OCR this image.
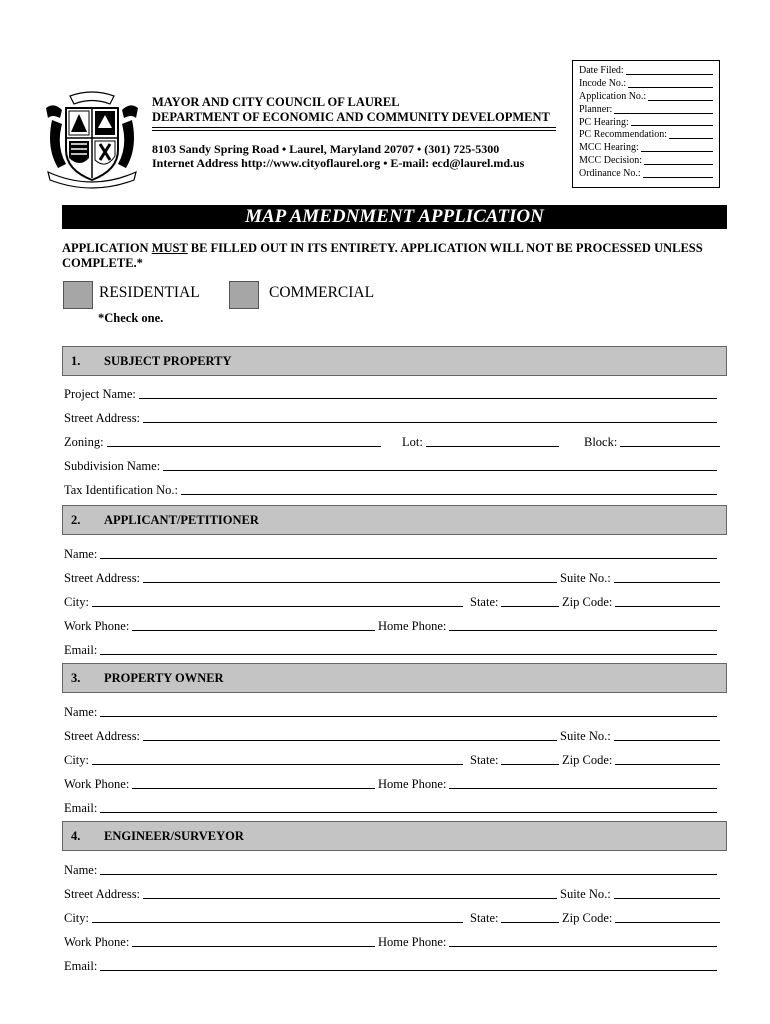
MAYOR AND CITY COUNCIL OF LAUREL
DEPARTMENT OF ECONOMIC AND COMMUNITY DEVELOPMENT
8103 Sandy Spring Road • Laurel, Maryland 20707 • (301) 725-5300
Internet Address http://www.cityoflaurel.org • E-mail: ecd@laurel.md.us
Date Filed:
Incode No.:
Application No.:
Planner:
PC Hearing:
PC Recommendation:
MCC Hearing:
MCC Decision:
Ordinance No.:
MAP AMEDNMENT APPLICATION
APPLICATION MUST BE FILLED OUT IN ITS ENTIRETY. APPLICATION WILL NOT BE PROCESSED UNLESS COMPLETE.*
RESIDENTIAL	COMMERCIAL
*Check one.
1. SUBJECT PROPERTY
Project Name:
Street Address:
Zoning:	Lot:	Block:
Subdivision Name:
Tax Identification No.:
2. APPLICANT/PETITIONER
Name:
Street Address:	Suite No.:
City:	State:	Zip Code:
Work Phone:	Home Phone:
Email:
3. PROPERTY OWNER
Name:
Street Address:	Suite No.:
City:	State:	Zip Code:
Work Phone:	Home Phone:
Email:
4. ENGINEER/SURVEYOR
Name:
Street Address:	Suite No.:
City:	State:	Zip Code:
Work Phone:	Home Phone:
Email:
